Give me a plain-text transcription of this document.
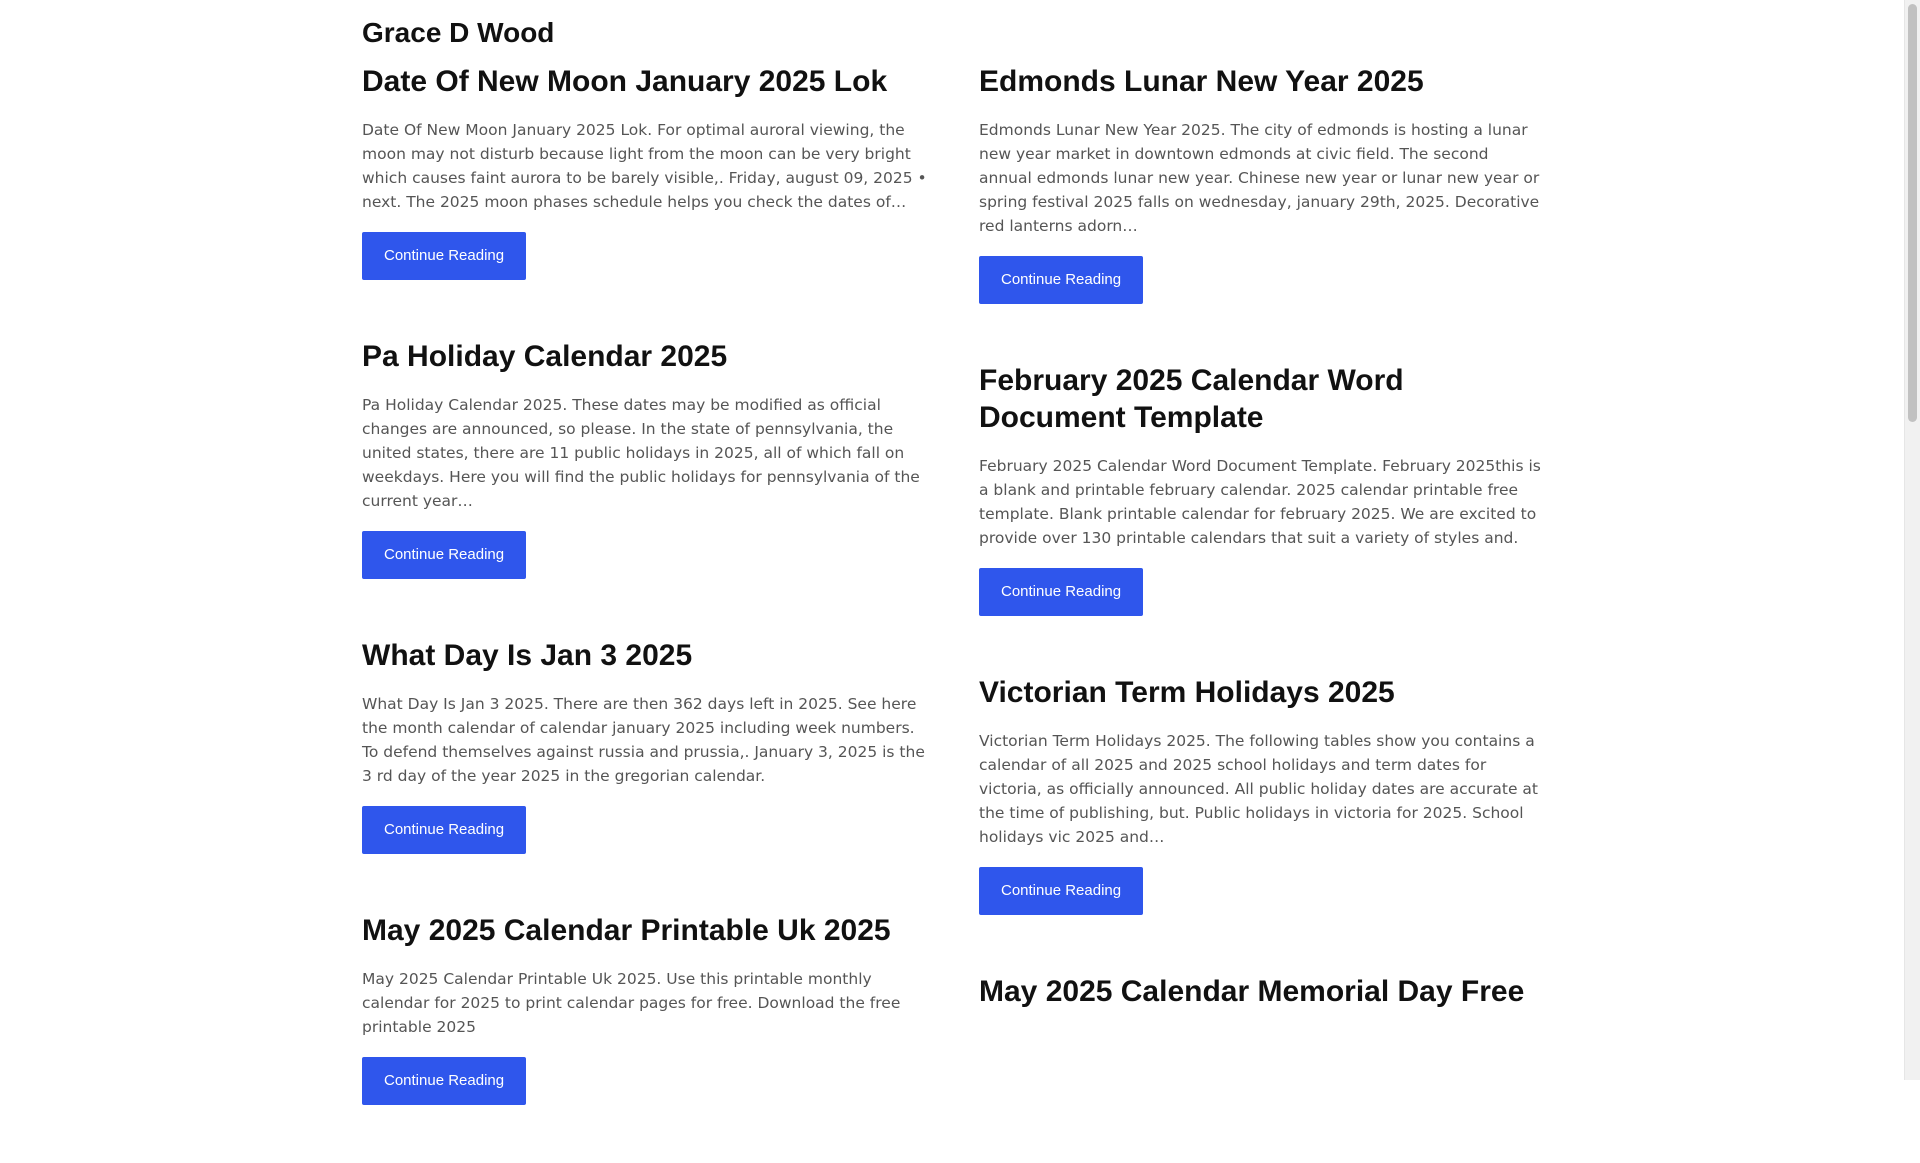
Grace D Wood
Date Of New Moon January 2025 Lok

Date Of New Moon January 2025 Lok. For optimal auroral viewing, the moon may not disturb because light from the moon can be very bright which causes faint aurora to be barely visible,. Friday, august 09, 2025 • next. The 2025 moon phases schedule helps you check the dates of…

Continue Reading
Pa Holiday Calendar 2025

Pa Holiday Calendar 2025. These dates may be modified as official changes are announced, so please. In the state of pennsylvania, the united states, there are 11 public holidays in 2025, all of which fall on weekdays. Here you will find the public holidays for pennsylvania of the current year…

Continue Reading
What Day Is Jan 3 2025

What Day Is Jan 3 2025. There are then 362 days left in 2025. See here the month calendar of calendar january 2025 including week numbers. To defend themselves against russia and prussia,. January 3, 2025 is the 3 rd day of the year 2025 in the gregorian calendar.

Continue Reading
May 2025 Calendar Printable Uk 2025

May 2025 Calendar Printable Uk 2025. Use this printable monthly calendar for 2025 to print calendar pages for free. Download the free printable 2025

Continue Reading
Edmonds Lunar New Year 2025

Edmonds Lunar New Year 2025. The city of edmonds is hosting a lunar new year market in downtown edmonds at civic field. The second annual edmonds lunar new year. Chinese new year or lunar new year or spring festival 2025 falls on wednesday, january 29th, 2025. Decorative red lanterns adorn…

Continue Reading
February 2025 Calendar Word Document Template

February 2025 Calendar Word Document Template. February 2025this is a blank and printable february calendar. 2025 calendar printable free template. Blank printable calendar for february 2025. We are excited to provide over 130 printable calendars that suit a variety of styles and.

Continue Reading
Victorian Term Holidays 2025

Victorian Term Holidays 2025. The following tables show you contains a calendar of all 2025 and 2025 school holidays and term dates for victoria, as officially announced. All public holiday dates are accurate at the time of publishing, but. Public holidays in victoria for 2025. School holidays vic 2025 and…

Continue Reading
May 2025 Calendar Memorial Day Free
